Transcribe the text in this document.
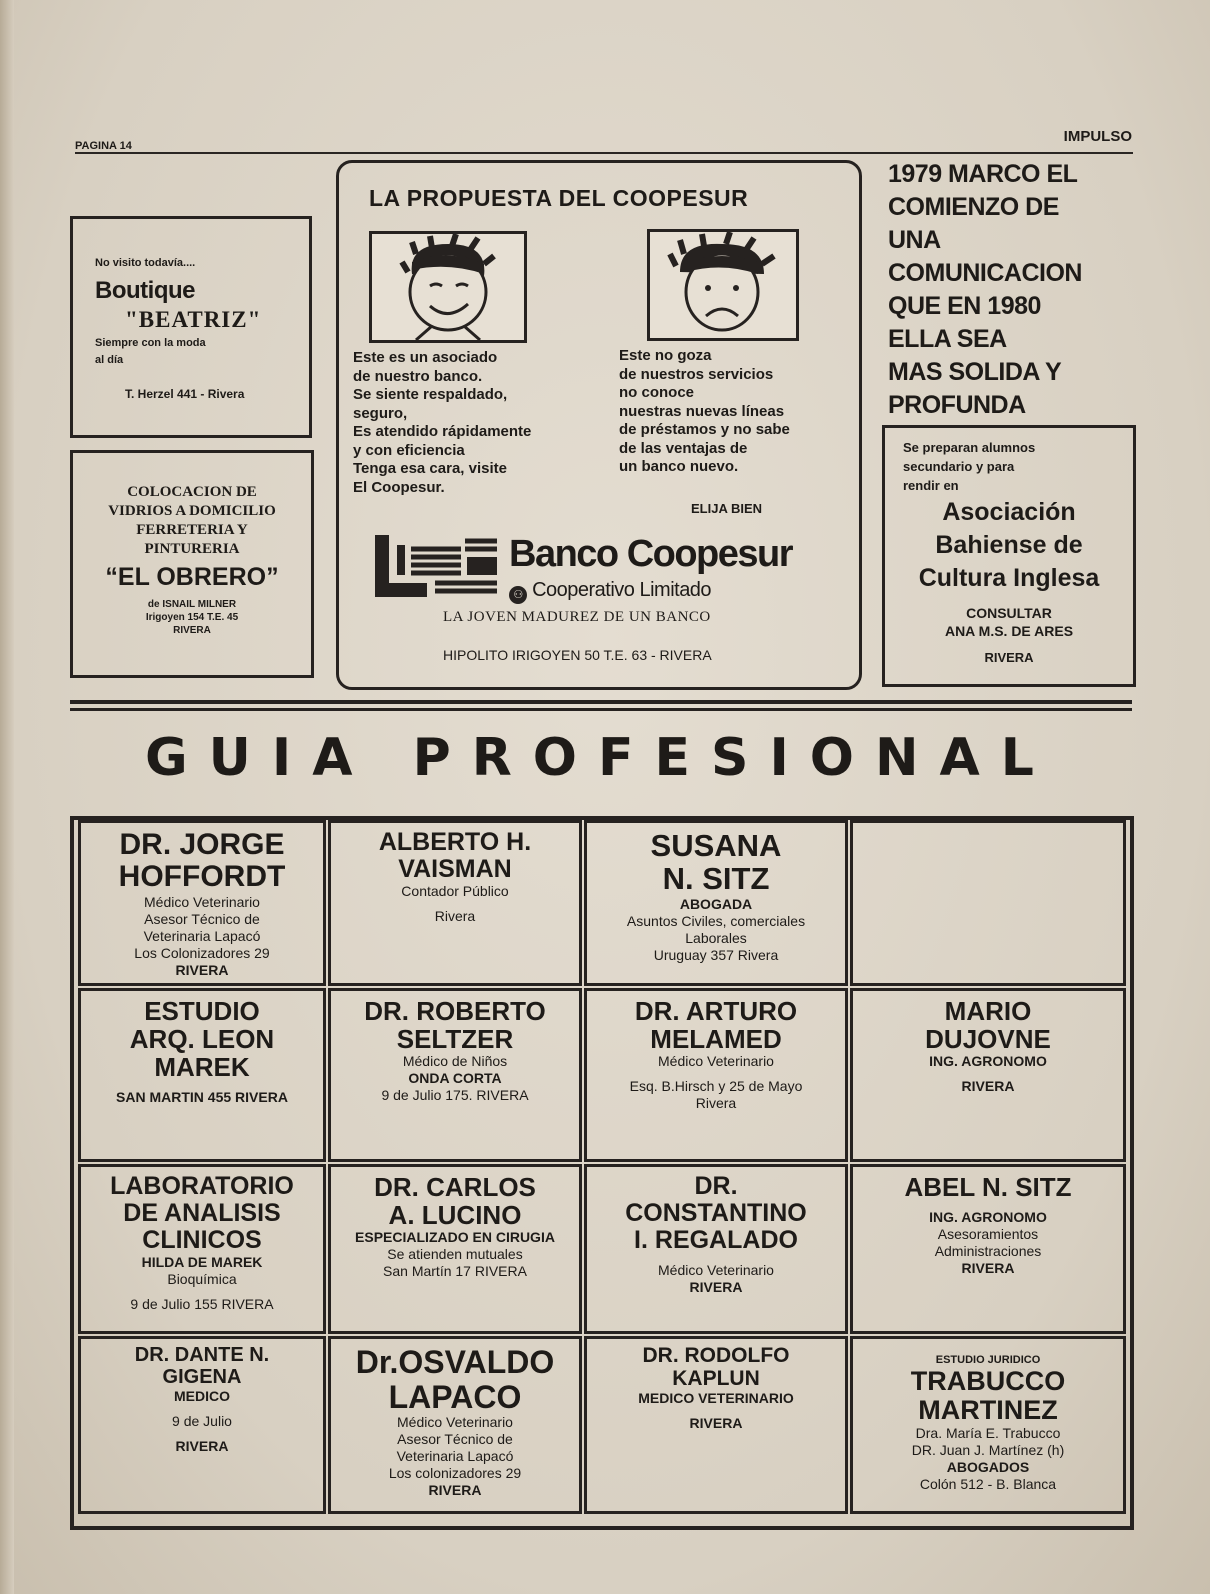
PAGINA 14
IMPULSO
No visito todavía....
Boutique
"BEATRIZ"
Siempre con la moda
al día
T. Herzel 441 - Rivera
COLOCACION DE
VIDRIOS A DOMICILIO
FERRETERIA Y
PINTURERIA
“EL OBRERO”
de ISNAIL MILNER
Irigoyen 154 T.E. 45
RIVERA
LA PROPUESTA DEL COOPESUR
Este es un asociado
de nuestro banco.
Se siente respaldado,
seguro,
Es atendido rápidamente
y con eficiencia
Tenga esa cara, visite
El Coopesur.
Este no goza
de nuestros servicios
no conoce
nuestras nuevas líneas
de préstamos y no sabe
de las ventajas de
un banco nuevo.
ELIJA BIEN
Banco Coopesur
⚇ Cooperativo Limitado
LA JOVEN MADUREZ DE UN BANCO
HIPOLITO IRIGOYEN 50 T.E. 63 - RIVERA
1979 MARCO EL
COMIENZO DE
UNA
COMUNICACION
QUE EN 1980
ELLA SEA
MAS SOLIDA Y
PROFUNDA
Se preparan alumnos
secundario y para
rendir en
Asociación
Bahiense de
Cultura Inglesa
CONSULTAR
ANA M.S. DE ARES
RIVERA
GUIA PROFESIONAL
DR. JORGE
HOFFORDT
Médico Veterinario
Asesor Técnico de
Veterinaria Lapacó
Los Colonizadores 29
RIVERA
ALBERTO H.
VAISMAN
Contador Público
Rivera
SUSANA
N. SITZ
ABOGADA
Asuntos Civiles, comerciales
Laborales
Uruguay 357 Rivera
ESTUDIO
ARQ. LEON
MAREK
SAN MARTIN 455 RIVERA
DR. ROBERTO
SELTZER
Médico de Niños
ONDA CORTA
9 de Julio 175. RIVERA
DR. ARTURO
MELAMED
Médico Veterinario
Esq. B.Hirsch y 25 de Mayo
Rivera
MARIO
DUJOVNE
ING. AGRONOMO
RIVERA
LABORATORIO
DE ANALISIS
CLINICOS
HILDA DE MAREK
Bioquímica
9 de Julio 155 RIVERA
DR. CARLOS
A. LUCINO
ESPECIALIZADO EN CIRUGIA
Se atienden mutuales
San Martín 17 RIVERA
DR.
CONSTANTINO
I. REGALADO
Médico Veterinario
RIVERA
ABEL N. SITZ
ING. AGRONOMO
Asesoramientos
Administraciones
RIVERA
DR. DANTE N.
GIGENA
MEDICO
9 de Julio
RIVERA
Dr.OSVALDO
LAPACO
Médico Veterinario
Asesor Técnico de
Veterinaria Lapacó
Los colonizadores 29
RIVERA
DR. RODOLFO
KAPLUN
MEDICO VETERINARIO
RIVERA
ESTUDIO JURIDICO
TRABUCCO
MARTINEZ
Dra. María E. Trabucco
DR. Juan J. Martínez (h)
ABOGADOS
Colón 512 - B. Blanca
